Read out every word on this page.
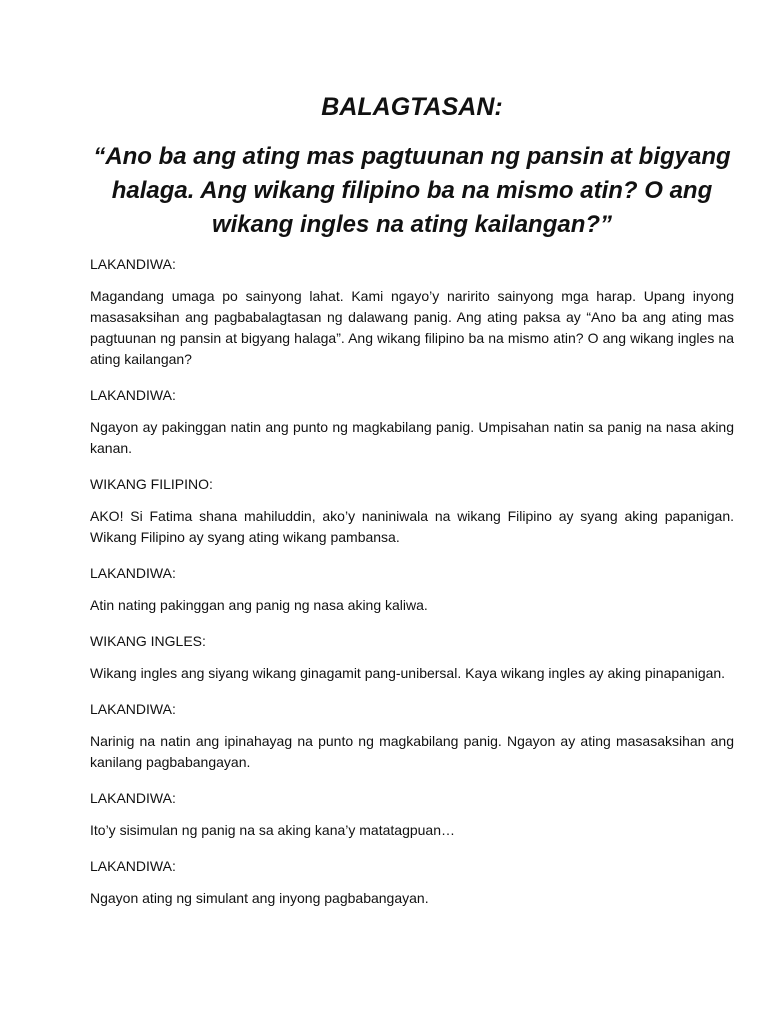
BALAGTASAN:
“Ano ba ang ating mas pagtuunan ng pansin at bigyang halaga. Ang wikang filipino ba na mismo atin? O ang wikang ingles na ating kailangan?”

LAKANDIWA:

Magandang umaga po sainyong lahat. Kami ngayo’y naririto sainyong mga harap. Upang inyong masasaksihan ang pagbabalagtasan ng dalawang panig. Ang ating paksa ay “Ano ba ang ating mas pagtuunan ng pansin at bigyang halaga”. Ang wikang filipino ba na mismo atin? O ang wikang ingles na ating kailangan?

LAKANDIWA:

Ngayon ay pakinggan natin ang punto ng magkabilang panig. Umpisahan natin sa panig na nasa aking kanan.

WIKANG FILIPINO:

AKO! Si Fatima shana mahiluddin, ako’y naniniwala na wikang Filipino ay syang aking papanigan. Wikang Filipino ay syang ating wikang pambansa.

LAKANDIWA:

Atin nating pakinggan ang panig ng nasa aking kaliwa.

WIKANG INGLES:

Wikang ingles ang siyang wikang ginagamit pang-unibersal. Kaya wikang ingles ay aking pinapanigan.

LAKANDIWA:

Narinig na natin ang ipinahayag na punto ng magkabilang panig. Ngayon ay ating masasaksihan ang kanilang pagbabangayan.

LAKANDIWA:

Ito’y sisimulan ng panig na sa aking kana’y matatagpuan…

LAKANDIWA:

Ngayon ating ng simulant ang inyong pagbabangayan.
